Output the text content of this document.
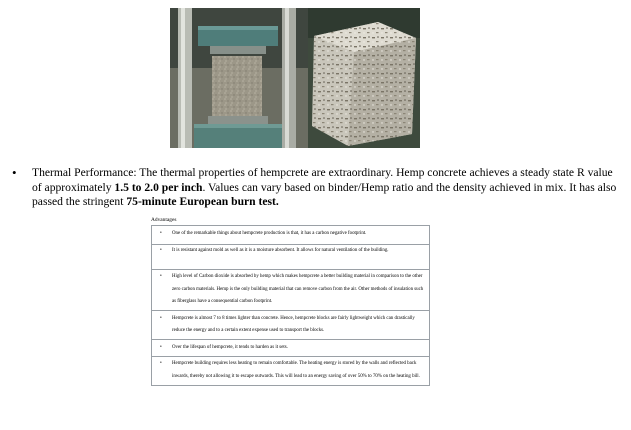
•	Thermal Performance: The thermal properties of hempcrete are extraordinary. Hemp concrete achieves a steady state R value of approximately 1.5 to 2.0 per inch. Values can vary based on binder/Hemp ratio and the density achieved in mix. It has also passed the stringent 75-minute European burn test.

Advantages
•	One of the remarkable things about hempcrete production is that, it has a carbon negative footprint.

•	It is resistant against mold as well as it is a moisture absorbent. It allows for natural ventilation of the building.

•	High level of Carbon dioxide is absorbed by hemp which makes hempcrete a better building material in comparison to the other zero carbon materials. Hemp is the only building material that can remove carbon from the air. Other methods of insulation such as fiberglass have a consequential carbon footprint.

•	Hempcrete is almost 7 to 8 times lighter than concrete. Hence, hempcrete blocks are fairly lightweight which can drastically reduce the energy and to a certain extent expense used to transport the blocks.

•	Over the lifespan of hempcrete, it tends to harden as it sets.

•	Hempcrete building requires less heating to remain comfortable. The heating energy is stored by the walls and reflected back inwards, thereby not allowing it to escape outwards. This will lead to an energy saving of over 50% to 70% on the heating bill.
